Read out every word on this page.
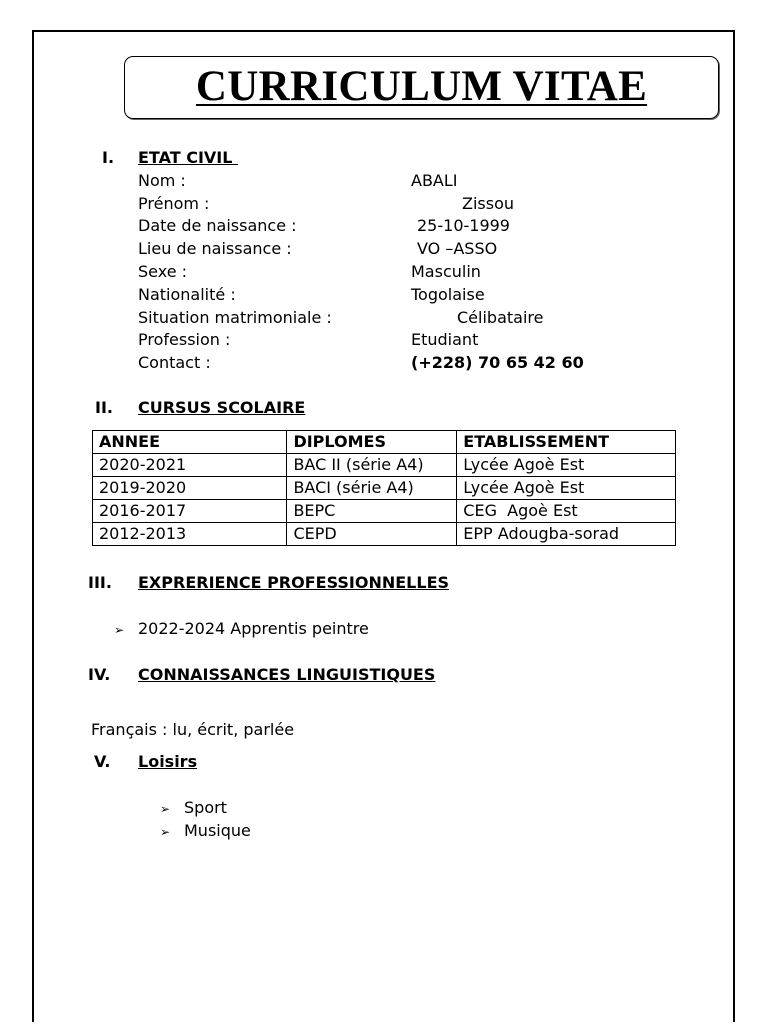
CURRICULUM VITAE
I. ETAT CIVIL
Nom :	ABALI
Prénom :	Zissou
Date de naissance :	25-10-1999
Lieu de naissance :	VO –ASSO
Sexe :	Masculin
Nationalité :	Togolaise
Situation matrimoniale :	Célibataire
Profession :	Etudiant
Contact :	(+228) 70 65 42 60
II. CURSUS SCOLAIRE
ANNEE	DIPLOMES	ETABLISSEMENT
2020-2021	BAC II (série A4)	Lycée Agoè Est
2019-2020	BACI (série A4)	Lycée Agoè Est
2016-2017	BEPC	CEG  Agoè Est
2012-2013	CEPD	EPP Adougba-sorad
III. EXPRERIENCE PROFESSIONNELLES
➢ 2022-2024 Apprentis peintre
IV. CONNAISSANCES LINGUISTIQUES
Français : lu, écrit, parlée
V. Loisirs
➢ Sport
➢ Musique
